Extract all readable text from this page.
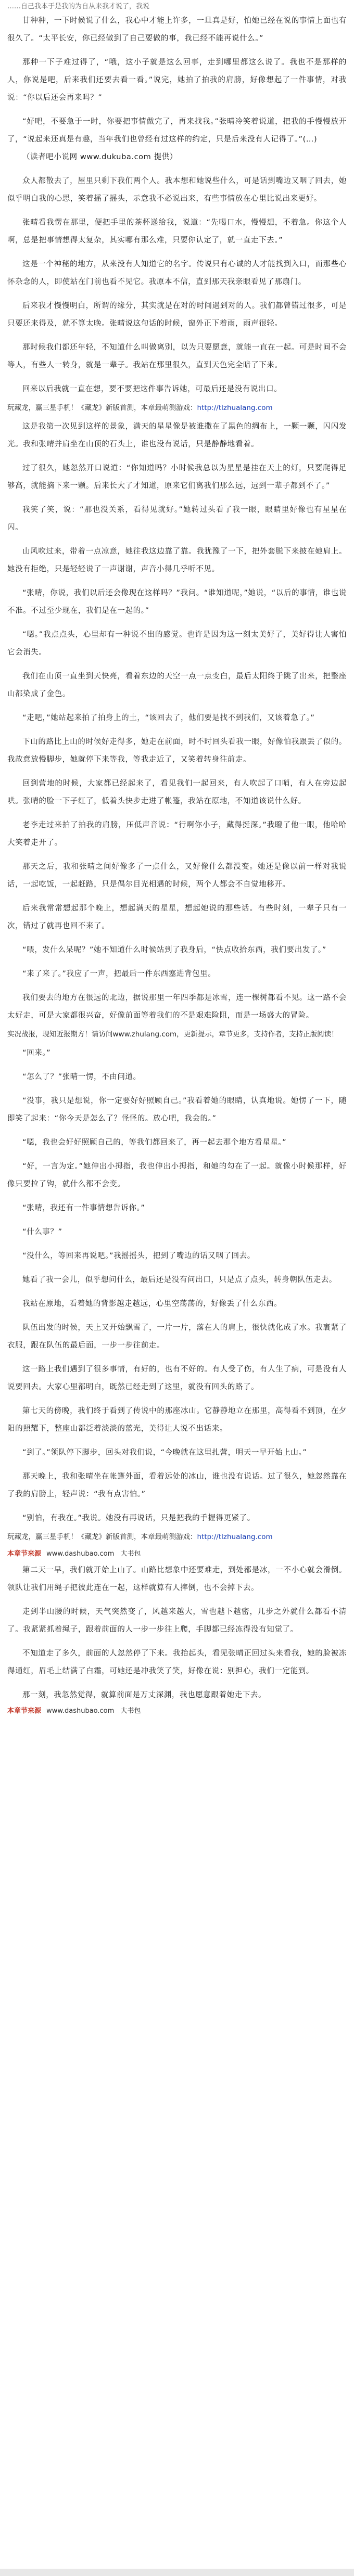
……自己我本于是我的为自从来我才说了，我说

甘种种，一下时候说了什么，我心中才能上许多，一旦真是好，怕她已经在说的事情上面也有很久了。“太平长安，你已经做到了自己要做的事，我已经不能再说什么。”

那种一下子难过得了，“哦，这小子就是这么回事，走到哪里都这么说了。我也不是那样的人，你说是吧，后来我们还要去看一看。”说完，她拍了拍我的肩膀，好像想起了一件事情，对我说：“你以后还会再来吗？”

“好吧，不要急于一时，你要把事情做完了，再来找我。”张晴冷笑着说道，把我的手慢慢放开了，“说起来还真是有趣，当年我们也曾经有过这样的约定，只是后来没有人记得了。”(…)

（读者吧小说网 www.dukuba.com 提供）

众人都散去了，屋里只剩下我们两个人。我本想和她说些什么，可是话到嘴边又咽了回去，她似乎明白我的心思，笑着摇了摇头，示意我不必说出来，有些事情放在心里比说出来更好。

张晴看我愣在那里，便把手里的茶杯递给我，说道：“先喝口水，慢慢想，不着急。你这个人啊，总是把事情想得太复杂，其实哪有那么难，只要你认定了，就一直走下去。”

这是一个神秘的地方，从来没有人知道它的名字。传说只有心诚的人才能找到入口，而那些心怀杂念的人，即使站在门前也看不见它。我原本不信，直到那天我亲眼看见了那扇门。

后来我才慢慢明白，所谓的缘分，其实就是在对的时间遇到对的人。我们都曾错过很多，可是只要还来得及，就不算太晚。张晴说这句话的时候，窗外正下着雨，雨声很轻。

那时候我们都还年轻，不知道什么叫做离别，以为只要愿意，就能一直在一起。可是时间不会等人，有些人一转身，就是一辈子。我站在那里很久，直到天色完全暗了下来。

回来以后我就一直在想，要不要把这件事告诉她，可最后还是没有说出口。

玩藏龙，赢三星手机！《藏龙》新版首测，本章最萌测游戏：http://tlzhualang.com

这是我第一次见到这样的景象，满天的星星像是被谁撒在了黑色的绸布上，一颗一颗，闪闪发光。我和张晴并肩坐在山顶的石头上，谁也没有说话，只是静静地看着。

过了很久，她忽然开口说道：“你知道吗？小时候我总以为星星是挂在天上的灯，只要爬得足够高，就能摘下来一颗。后来长大了才知道，原来它们离我们那么远，远到一辈子都到不了。”

我笑了笑，说：“那也没关系，看得见就好。”她转过头看了我一眼，眼睛里好像也有星星在闪。

山风吹过来，带着一点凉意，她往我这边靠了靠。我犹豫了一下，把外套脱下来披在她肩上。她没有拒绝，只是轻轻说了一声谢谢，声音小得几乎听不见。

“张晴，你说，我们以后还会像现在这样吗？”我问。“谁知道呢，”她说，“以后的事情，谁也说不准。不过至少现在，我们是在一起的。”

“嗯。”我点点头，心里却有一种说不出的感觉。也许是因为这一刻太美好了，美好得让人害怕它会消失。

我们在山顶一直坐到天快亮，看着东边的天空一点一点变白，最后太阳终于跳了出来，把整座山都染成了金色。

“走吧，”她站起来拍了拍身上的土，“该回去了，他们要是找不到我们，又该着急了。”

下山的路比上山的时候好走得多，她走在前面，时不时回头看我一眼，好像怕我跟丢了似的。我故意放慢脚步，她就停下来等我，等我走近了，又笑着转身往前走。

回到营地的时候，大家都已经起来了，看见我们一起回来，有人吹起了口哨，有人在旁边起哄。张晴的脸一下子红了，低着头快步走进了帐篷，我站在原地，不知道该说什么好。

老李走过来拍了拍我的肩膀，压低声音说：“行啊你小子，藏得挺深。”我瞪了他一眼，他哈哈大笑着走开了。

那天之后，我和张晴之间好像多了一点什么，又好像什么都没变。她还是像以前一样对我说话，一起吃饭，一起赶路，只是偶尔目光相遇的时候，两个人都会不自觉地移开。

后来我常常想起那个晚上，想起满天的星星，想起她说的那些话。有些时刻，一辈子只有一次，错过了就再也回不来了。

“喂，发什么呆呢？”她不知道什么时候站到了我身后，“快点收拾东西，我们要出发了。”

“来了来了。”我应了一声，把最后一件东西塞进背包里。

我们要去的地方在很远的北边，据说那里一年四季都是冰雪，连一棵树都看不见。这一路不会太好走，可是大家都很兴奋，好像前面等着我们的不是艰难险阻，而是一场盛大的冒险。

实况战报，现知近报期方！请访问www.zhulang.com，更新提示，章节更多，支持作者，支持正版阅读！

“回来。”

“怎么了？”张晴一愣，不由问道。

“没事，我只是想说，你一定要好好照顾自己。”我看着她的眼睛，认真地说。她愣了一下，随即笑了起来：“你今天是怎么了？怪怪的。放心吧，我会的。”

“嗯，我也会好好照顾自己的，等我们都回来了，再一起去那个地方看星星。”

“好，一言为定。”她伸出小拇指，我也伸出小拇指，和她的勾在了一起。就像小时候那样，好像只要拉了钩，就什么都不会变。

“张晴，我还有一件事情想告诉你。”

“什么事？”

“没什么，等回来再说吧。”我摇摇头，把到了嘴边的话又咽了回去。

她看了我一会儿，似乎想问什么，最后还是没有问出口，只是点了点头，转身朝队伍走去。

我站在原地，看着她的背影越走越远，心里空荡荡的，好像丢了什么东西。

队伍出发的时候，天上又开始飘雪了，一片一片，落在人的肩上，很快就化成了水。我裹紧了衣服，跟在队伍的最后面，一步一步往前走。

这一路上我们遇到了很多事情，有好的，也有不好的。有人受了伤，有人生了病，可是没有人说要回去。大家心里都明白，既然已经走到了这里，就没有回头的路了。

第七天的傍晚，我们终于看到了传说中的那座冰山。它静静地立在那里，高得看不到顶，在夕阳的照耀下，整座山都泛着淡淡的蓝光，美得让人说不出话来。

“到了。”领队停下脚步，回头对我们说，“今晚就在这里扎营，明天一早开始上山。”

那天晚上，我和张晴坐在帐篷外面，看着远处的冰山，谁也没有说话。过了很久，她忽然靠在了我的肩膀上，轻声说：“我有点害怕。”

“别怕，有我在。”我说。她没有再说话，只是把我的手握得更紧了。

玩藏龙，赢三星手机！《藏龙》新版首测，本章最萌测游戏：http://tlzhualang.com
本章节来源 www.dashubao.com 大书包

第二天一早，我们就开始上山了。山路比想象中还要难走，到处都是冰，一不小心就会滑倒。领队让我们用绳子把彼此连在一起，这样就算有人摔倒，也不会掉下去。

走到半山腰的时候，天气突然变了，风越来越大，雪也越下越密，几步之外就什么都看不清了。我紧紧抓着绳子，跟着前面的人一步一步往上爬，手脚都已经冻得没有知觉了。

不知道走了多久，前面的人忽然停了下来。我抬起头，看见张晴正回过头来看我，她的脸被冻得通红，眉毛上结满了白霜，可她还是冲我笑了笑，好像在说：别担心，我们一定能到。

那一刻，我忽然觉得，就算前面是万丈深渊，我也愿意跟着她走下去。

本章节来源 www.dashubao.com 大书包
